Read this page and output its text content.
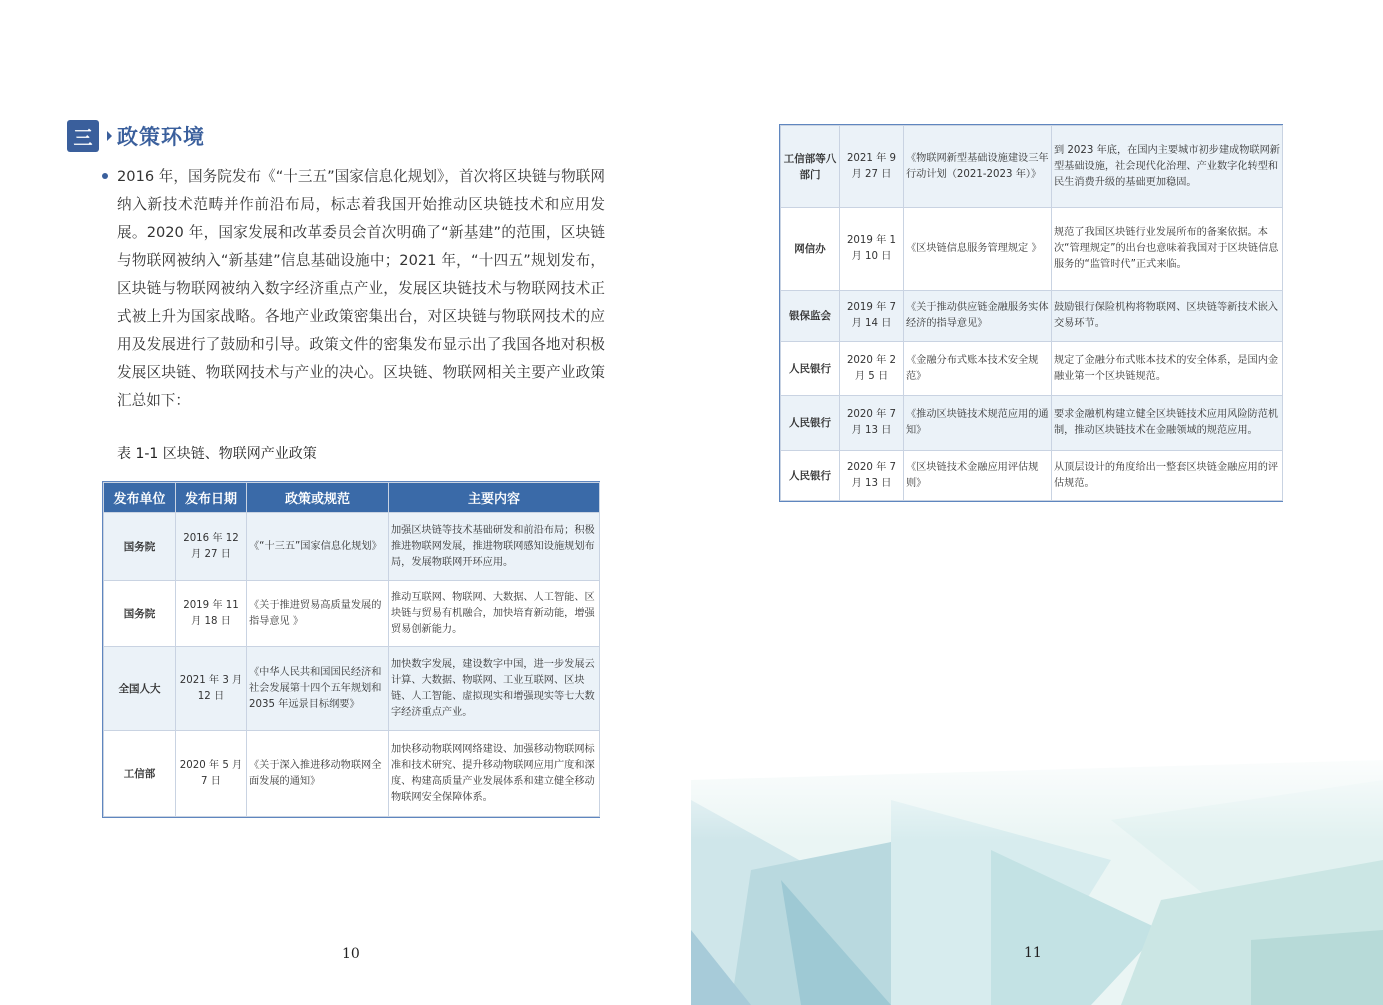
三	政策环境

2016 年，国务院发布《“十三五”国家信息化规划》，首次将区块链与物联网纳入新技术范畴并作前沿布局，标志着我国开始推动区块链技术和应用发展。2020 年，国家发展和改革委员会首次明确了“新基建”的范围，区块链与物联网被纳入“新基建”信息基础设施中；2021 年，“十四五”规划发布，区块链与物联网被纳入数字经济重点产业，发展区块链技术与物联网技术正式被上升为国家战略。各地产业政策密集出台，对区块链与物联网技术的应用及发展进行了鼓励和引导。政策文件的密集发布显示出了我国各地对积极发展区块链、物联网技术与产业的决心。区块链、物联网相关主要产业政策汇总如下：

表 1-1 区块链、物联网产业政策
发布单位	发布日期	政策或规范	主要内容
国务院	2016 年 12 月 27 日	《“十三五”国家信息化规划》	加强区块链等技术基础研发和前沿布局；积极推进物联网发展，推进物联网感知设施规划布局，发展物联网开环应用。
国务院	2019 年 11 月 18 日	《关于推进贸易高质量发展的指导意见 》	推动互联网、物联网、大数据、人工智能、区块链与贸易有机融合，加快培育新动能，增强贸易创新能力。
全国人大	2021 年 3 月 12 日	《中华人民共和国国民经济和社会发展第十四个五年规划和 2035 年远景目标纲要》	加快数字发展，建设数字中国，进一步发展云计算、大数据、物联网、工业互联网、区块链、人工智能、虚拟现实和增强现实等七大数字经济重点产业。
工信部	2020 年 5 月 7 日	《关于深入推进移动物联网全面发展的通知》	加快移动物联网网络建设、加强移动物联网标准和技术研究、提升移动物联网应用广度和深度、构建高质量产业发展体系和建立健全移动物联网安全保障体系。
10	11
工信部等八部门	2021 年 9 月 27 日	《物联网新型基础设施建设三年行动计划（2021-2023 年）》	到 2023 年底，在国内主要城市初步建成物联网新型基础设施，社会现代化治理、产业数字化转型和民生消费升级的基础更加稳固。
网信办	2019 年 1 月 10 日	《区块链信息服务管理规定 》	规范了我国区块链行业发展所布的备案依据。本次“管理规定”的出台也意味着我国对于区块链信息服务的“监管时代”正式来临。
银保监会	2019 年 7 月 14 日	《关于推动供应链金融服务实体经济的指导意见》	鼓励银行保险机构将物联网、区块链等新技术嵌入交易环节。
人民银行	2020 年 2 月 5 日	《金融分布式账本技术安全规范》	规定了金融分布式账本技术的安全体系，是国内金融业第一个区块链规范。
人民银行	2020 年 7 月 13 日	《推动区块链技术规范应用的通知》	要求金融机构建立健全区块链技术应用风险防范机制，推动区块链技术在金融领域的规范应用。
人民银行	2020 年 7 月 13 日	《区块链技术金融应用评估规则》	从顶层设计的角度给出一整套区块链金融应用的评估规范。
